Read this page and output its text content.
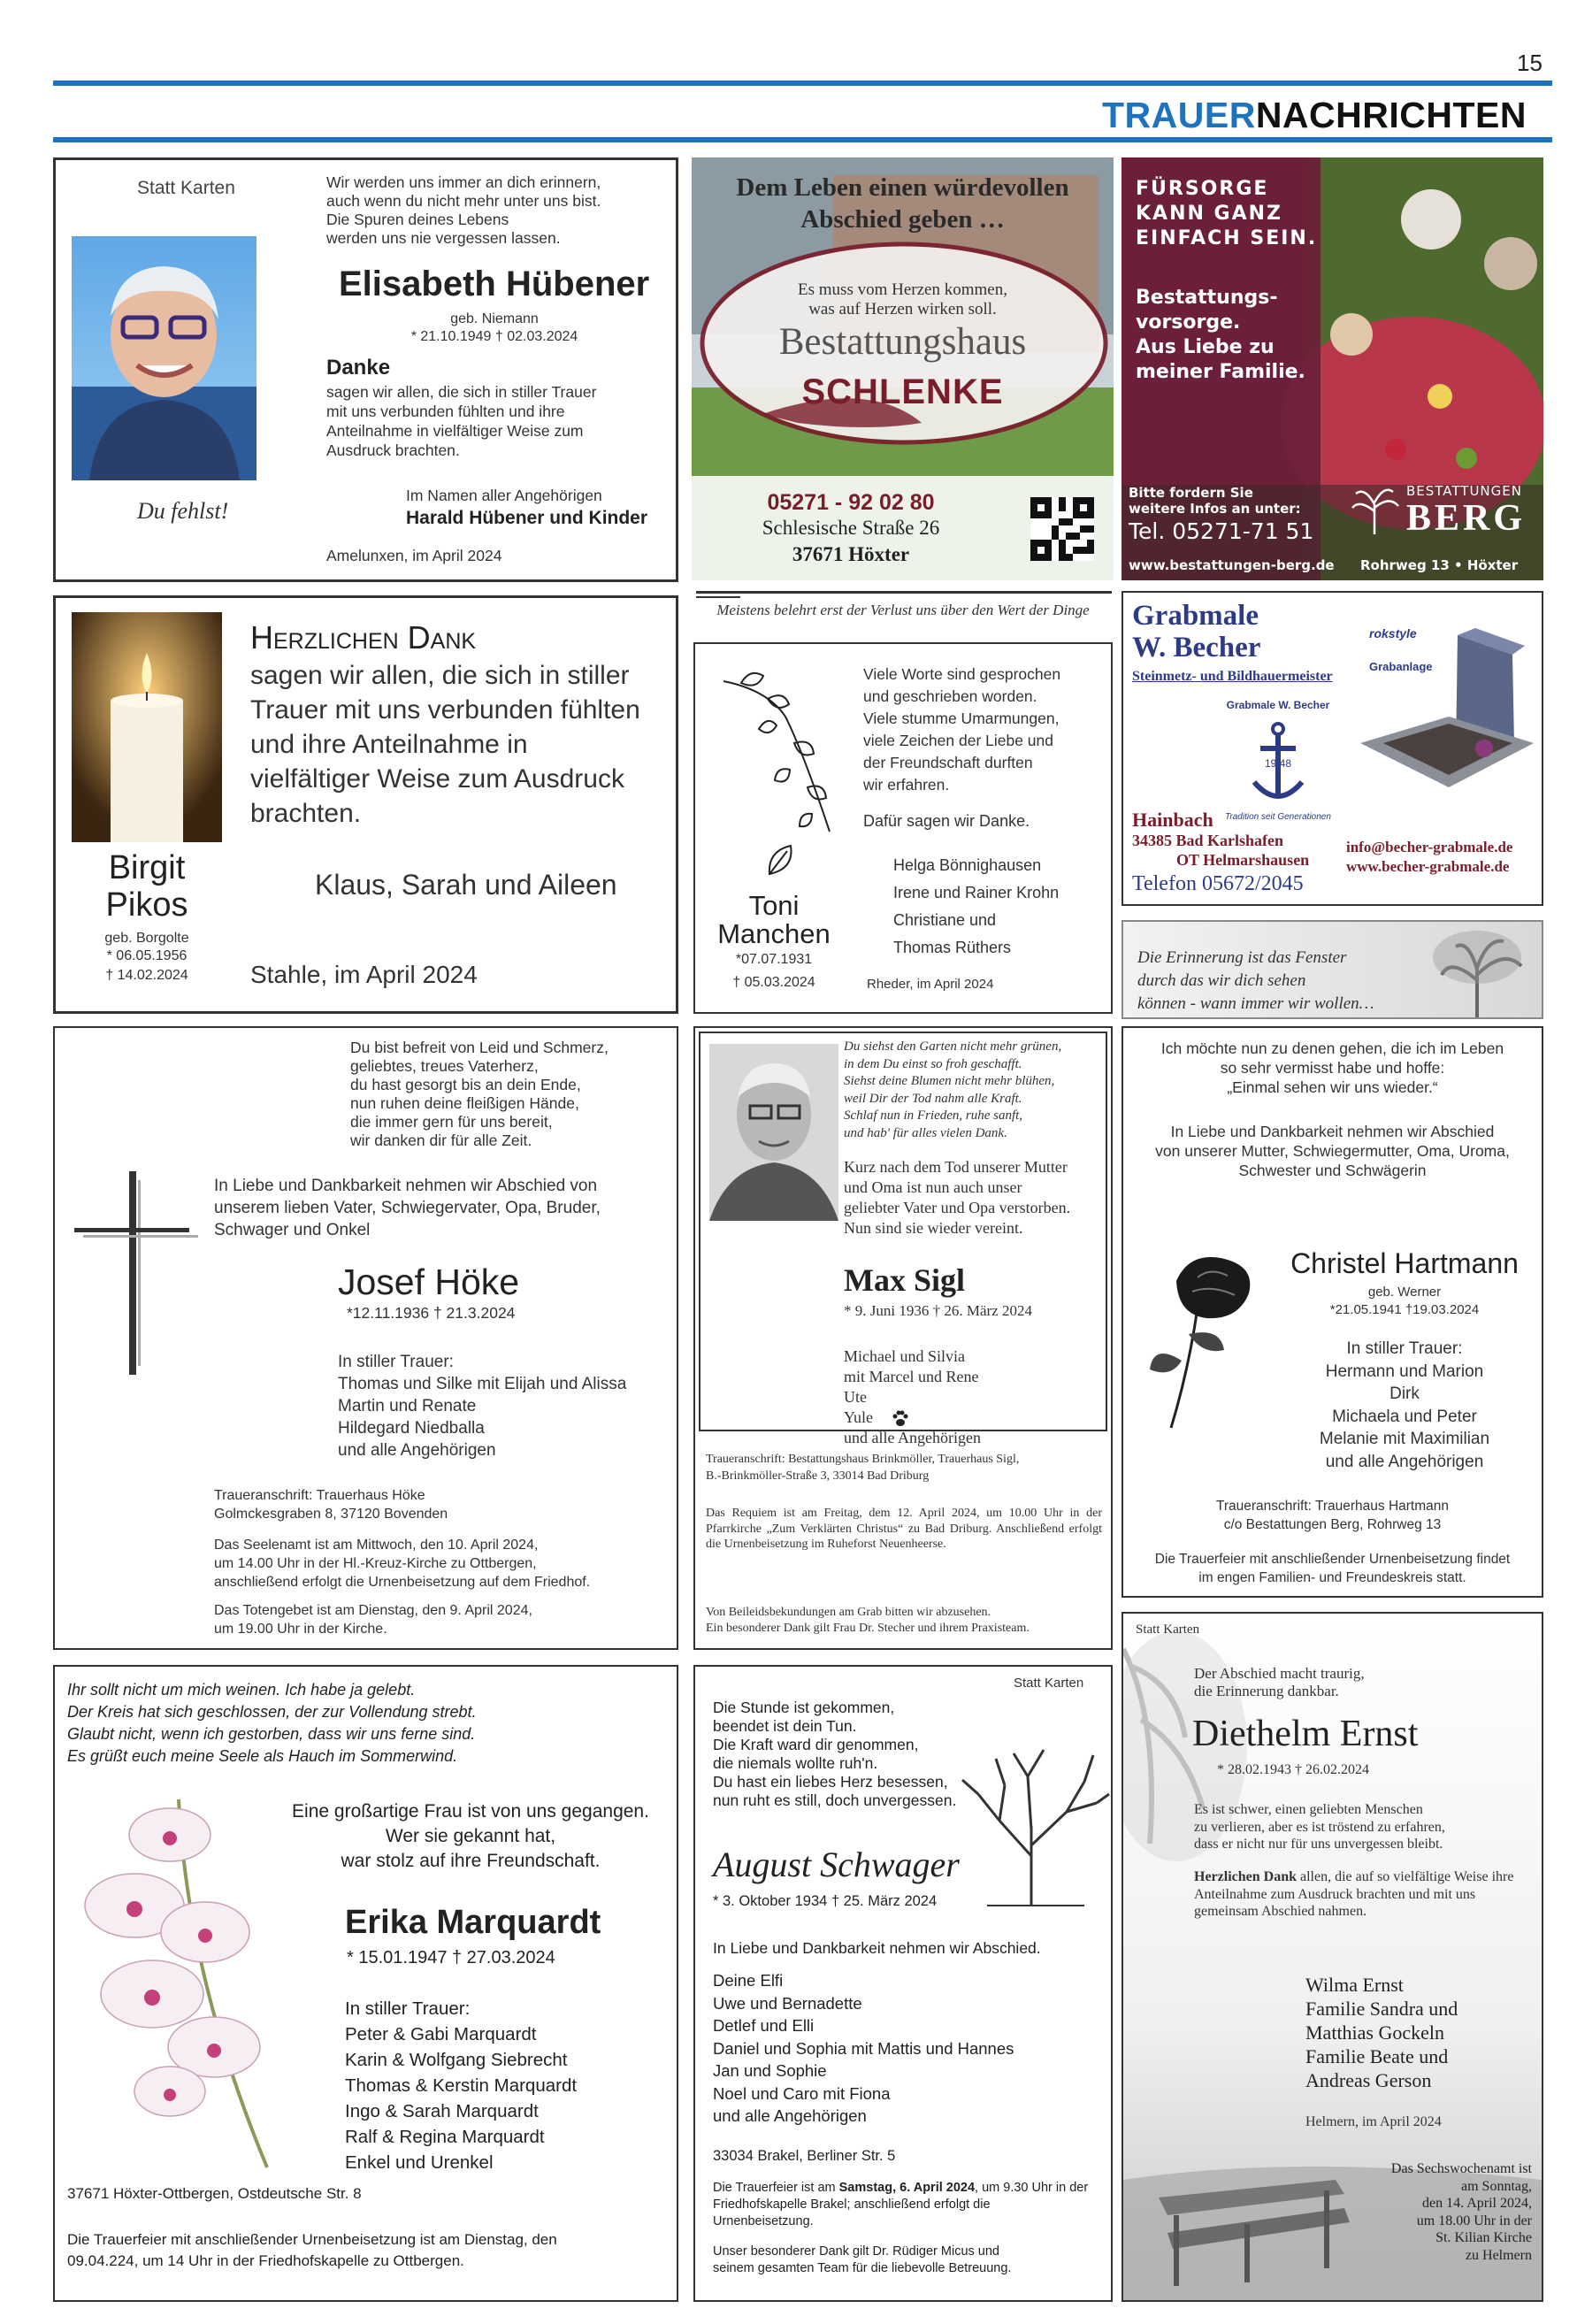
15
TRAUERNACHRICHTEN
Statt Karten
Du fehlst!
Wir werden uns immer an dich erinnern,
auch wenn du nicht mehr unter uns bist.
Die Spuren deines Lebens
werden uns nie vergessen lassen.
Elisabeth Hübener
geb. Niemann
* 21.10.1949 † 02.03.2024
Danke
sagen wir allen, die sich in stiller Trauer
mit uns verbunden fühlten und ihre
Anteilnahme in vielfältiger Weise zum
Ausdruck brachten.
Im Namen aller Angehörigen
Harald Hübener und Kinder
Amelunxen, im April 2024
Dem Leben einen würdevollen
Abschied geben …
Es muss vom Herzen kommen,
was auf Herzen wirken soll.
Bestattungshaus
SCHLENKE
05271 - 92 02 80
Schlesische Straße 26
37671 Höxter
FÜRSORGE
KANN GANZ
EINFACH SEIN.
Bestattungs-
vorsorge.
Aus Liebe zu
meiner Familie.
Bitte fordern Sie
weitere Infos an unter:
Tel. 05271-71 51
BESTATTUNGEN
BERG
www.bestattungen-berg.de Rohrweg 13 • Höxter
Birgit
Pikos
geb. Borgolte
* 06.05.1956
† 14.02.2024
Herzlichen Dank
sagen wir allen, die sich in stiller
Trauer mit uns verbunden fühlten
und ihre Anteilnahme in
vielfältiger Weise zum Ausdruck
brachten.
Klaus, Sarah und Aileen
Stahle, im April 2024
Meistens belehrt erst der Verlust uns über den Wert der Dinge
Viele Worte sind gesprochen
und geschrieben worden.
Viele stumme Umarmungen,
viele Zeichen der Liebe und
der Freundschaft durften
wir erfahren.
Dafür sagen wir Danke.
Toni
Manchen
*07.07.1931
† 05.03.2024
Helga Bönnighausen
Irene und Rainer Krohn
Christiane und
Thomas Rüthers
Rheder, im April 2024
Grabmale
W. Becher
Steinmetz- und Bildhauermeister
Grabmale W. Becher
19 48
Tradition seit Generationen
rokstyle
Grabanlage
Hainbach
34385 Bad Karlshafen
OT Helmarshausen
Telefon 05672/2045
info@becher-grabmale.de
www.becher-grabmale.de
Die Erinnerung ist das Fenster
durch das wir dich sehen
können - wann immer wir wollen…
Du bist befreit von Leid und Schmerz,
geliebtes, treues Vaterherz,
du hast gesorgt bis an dein Ende,
nun ruhen deine fleißigen Hände,
die immer gern für uns bereit,
wir danken dir für alle Zeit.
In Liebe und Dankbarkeit nehmen wir Abschied von
unserem lieben Vater, Schwiegervater, Opa, Bruder,
Schwager und Onkel
Josef Höke
*12.11.1936 † 21.3.2024
In stiller Trauer:
Thomas und Silke mit Elijah und Alissa
Martin und Renate
Hildegard Niedballa
und alle Angehörigen
Traueranschrift: Trauerhaus Höke
Golmckesgraben 8, 37120 Bovenden
Das Seelenamt ist am Mittwoch, den 10. April 2024,
um 14.00 Uhr in der Hl.-Kreuz-Kirche zu Ottbergen,
anschließend erfolgt die Urnenbeisetzung auf dem Friedhof.
Das Totengebet ist am Dienstag, den 9. April 2024,
um 19.00 Uhr in der Kirche.
Du siehst den Garten nicht mehr grünen,
in dem Du einst so froh geschafft.
Siehst deine Blumen nicht mehr blühen,
weil Dir der Tod nahm alle Kraft.
Schlaf nun in Frieden, ruhe sanft,
und hab' für alles vielen Dank.
Kurz nach dem Tod unserer Mutter
und Oma ist nun auch unser
geliebter Vater und Opa verstorben.
Nun sind sie wieder vereint.
Max Sigl
* 9. Juni 1936 † 26. März 2024
Michael und Silvia
mit Marcel und Rene
Ute
Yule
und alle Angehörigen
Traueranschrift: Bestattungshaus Brinkmöller, Trauerhaus Sigl,
B.-Brinkmöller-Straße 3, 33014 Bad Driburg
Das Requiem ist am Freitag, dem 12. April 2024, um 10.00 Uhr in der Pfarrkirche „Zum Verklärten Christus“ zu Bad Driburg. Anschließend erfolgt die Urnenbeisetzung im Ruheforst Neuenheerse.
Von Beileidsbekundungen am Grab bitten wir abzusehen.
Ein besonderer Dank gilt Frau Dr. Stecher und ihrem Praxisteam.
Ich möchte nun zu denen gehen, die ich im Leben
so sehr vermisst habe und hoffe:
„Einmal sehen wir uns wieder.“
In Liebe und Dankbarkeit nehmen wir Abschied
von unserer Mutter, Schwiegermutter, Oma, Uroma,
Schwester und Schwägerin
Christel Hartmann
geb. Werner
*21.05.1941 †19.03.2024
In stiller Trauer:
Hermann und Marion
Dirk
Michaela und Peter
Melanie mit Maximilian
und alle Angehörigen
Traueranschrift: Trauerhaus Hartmann
c/o Bestattungen Berg, Rohrweg 13
Die Trauerfeier mit anschließender Urnenbeisetzung findet
im engen Familien- und Freundeskreis statt.
Ihr sollt nicht um mich weinen. Ich habe ja gelebt.
Der Kreis hat sich geschlossen, der zur Vollendung strebt.
Glaubt nicht, wenn ich gestorben, dass wir uns ferne sind.
Es grüßt euch meine Seele als Hauch im Sommerwind.
Eine großartige Frau ist von uns gegangen.
Wer sie gekannt hat,
war stolz auf ihre Freundschaft.
Erika Marquardt
* 15.01.1947 † 27.03.2024
In stiller Trauer:
Peter & Gabi Marquardt
Karin & Wolfgang Siebrecht
Thomas & Kerstin Marquardt
Ingo & Sarah Marquardt
Ralf & Regina Marquardt
Enkel und Urenkel
37671 Höxter-Ottbergen, Ostdeutsche Str. 8
Die Trauerfeier mit anschließender Urnenbeisetzung ist am Dienstag, den
09.04.224, um 14 Uhr in der Friedhofskapelle zu Ottbergen.
Statt Karten
Die Stunde ist gekommen,
beendet ist dein Tun.
Die Kraft ward dir genommen,
die niemals wollte ruh'n.
Du hast ein liebes Herz besessen,
nun ruht es still, doch unvergessen.
August Schwager
* 3. Oktober 1934 † 25. März 2024
In Liebe und Dankbarkeit nehmen wir Abschied.
Deine Elfi
Uwe und Bernadette
Detlef und Elli
Daniel und Sophia mit Mattis und Hannes
Jan und Sophie
Noel und Caro mit Fiona
und alle Angehörigen
33034 Brakel, Berliner Str. 5
Die Trauerfeier ist am Samstag, 6. April 2024, um 9.30 Uhr in der Friedhofskapelle Brakel; anschließend erfolgt die Urnenbeisetzung.
Unser besonderer Dank gilt Dr. Rüdiger Micus und
seinem gesamten Team für die liebevolle Betreuung.
Statt Karten
Der Abschied macht traurig,
die Erinnerung dankbar.
Diethelm Ernst
* 28.02.1943 † 26.02.2024
Es ist schwer, einen geliebten Menschen
zu verlieren, aber es ist tröstend zu erfahren,
dass er nicht nur für uns unvergessen bleibt.
Herzlichen Dank allen, die auf so vielfältige Weise ihre Anteilnahme zum Ausdruck brachten und mit uns gemeinsam Abschied nahmen.
Wilma Ernst
Familie Sandra und
Matthias Gockeln
Familie Beate und
Andreas Gerson
Helmern, im April 2024
Das Sechswochenamt ist
am Sonntag,
den 14. April 2024,
um 18.00 Uhr in der
St. Kilian Kirche
zu Helmern
